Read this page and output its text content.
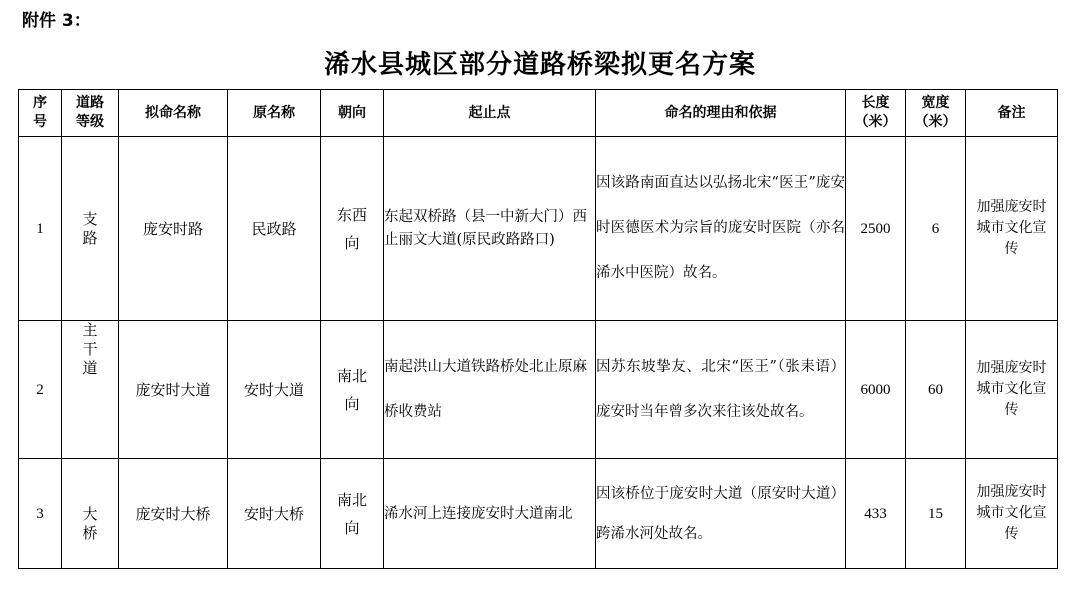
附件 3：
浠水县城区部分道路桥梁拟更名方案
序号	道路等级	拟命名称	原名称	朝向	起止点	命名的理由和依据	长度（米）	宽度（米）	备注
1	支路	庞安时路	民政路	东西向	东起双桥路（县一中新大门）西止丽文大道(原民政路路口)	因该路南面直达以弘扬北宋“医王”庞安时医德医术为宗旨的庞安时医院（亦名浠水中医院）故名。	2500	6	加强庞安时城市文化宣传
2	主干道	庞安时大道	安时大道	南北向	南起洪山大道铁路桥处北止原麻桥收费站	因苏东坡挚友、北宋“医王”（张耒语）庞安时当年曾多次来往该处故名。	6000	60	加强庞安时城市文化宣传
3	大桥	庞安时大桥	安时大桥	南北向	浠水河上连接庞安时大道南北	因该桥位于庞安时大道（原安时大道）跨浠水河处故名。	433	15	加强庞安时城市文化宣传
